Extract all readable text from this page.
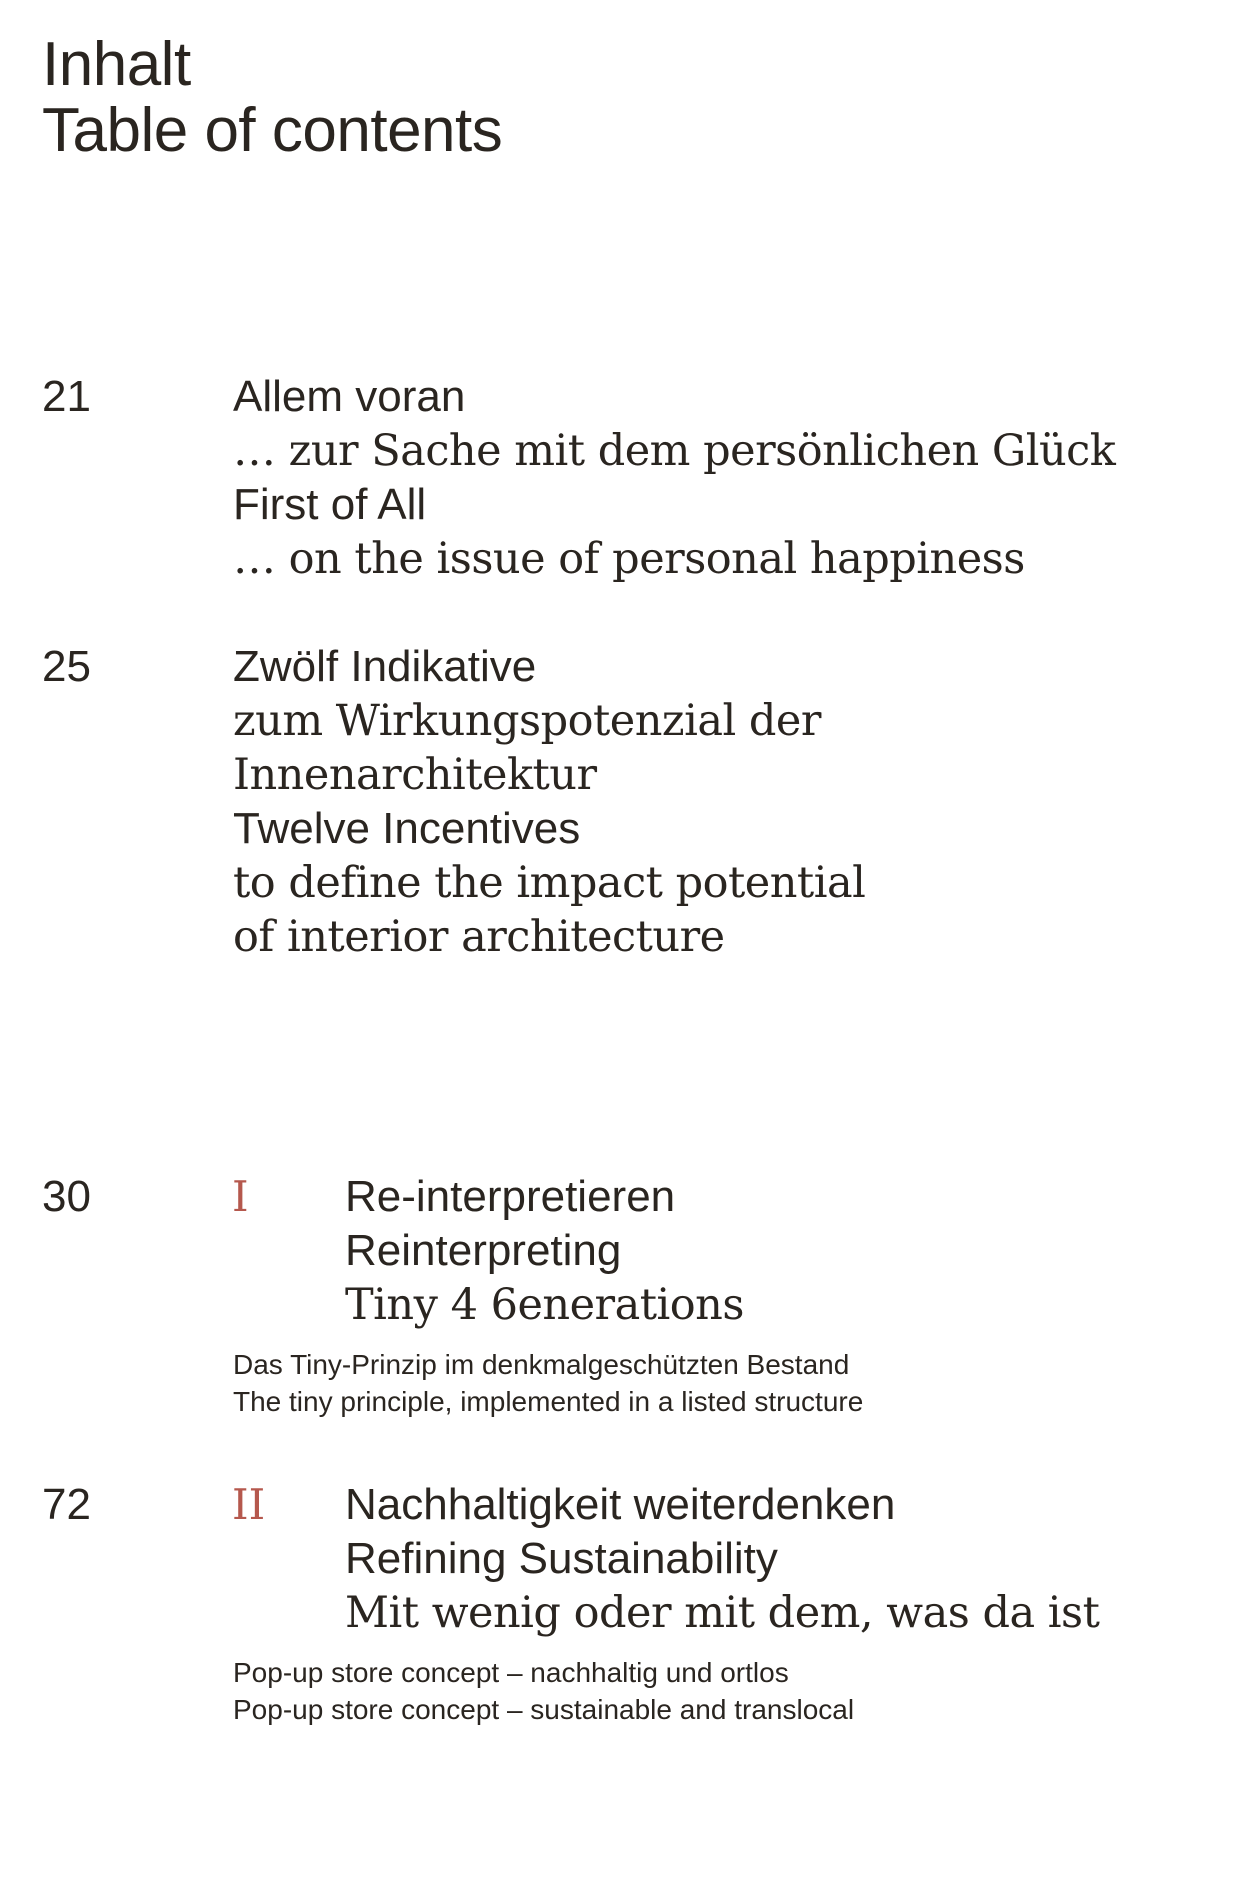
Inhalt
Table of contents
21	Allem voran
… zur Sache mit dem persönlichen Glück
First of All
… on the issue of personal happiness
25	Zwölf Indikative
zum Wirkungspotenzial der
Innenarchitektur
Twelve Incentives
to define the impact potential
of interior architecture
30	I Re-interpretieren
Reinterpreting
Tiny 4 6enerations
Das Tiny-Prinzip im denkmalgeschützten Bestand
The tiny principle, implemented in a listed structure
72	II Nachhaltigkeit weiterdenken
Refining Sustainability
Mit wenig oder mit dem, was da ist
Pop-up store concept – nachhaltig und ortlos
Pop-up store concept – sustainable and translocal
